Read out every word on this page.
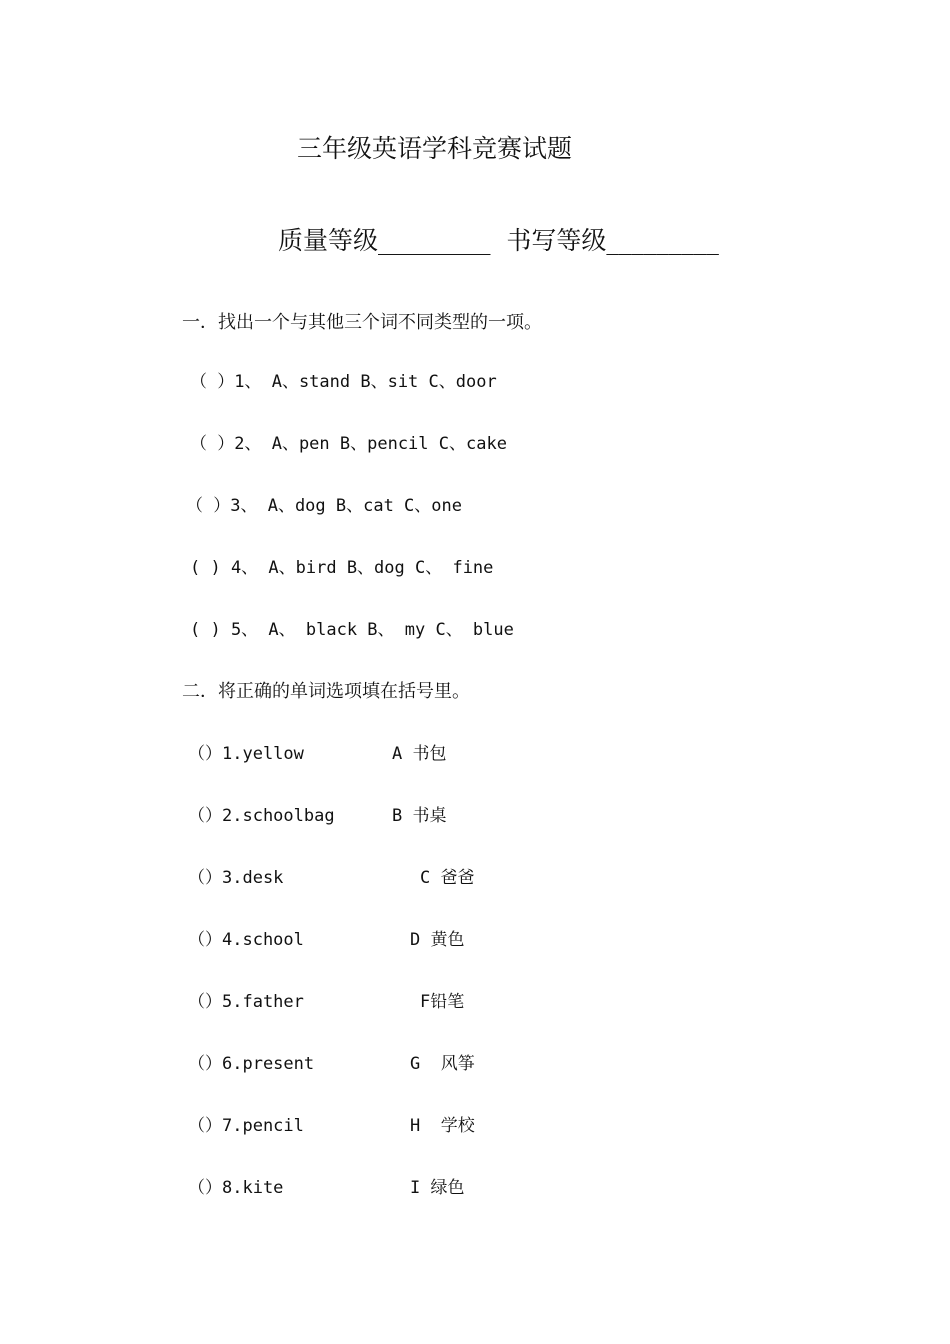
三年级英语学科竞赛试题
质量等级_________  书写等级_________
一．找出一个与其他三个词不同类型的一项。
（ ）1、 A、stand B、sit C、door
（ ）2、 A、pen B、pencil C、cake
（ ）3、 A、dog B、cat C、one
( ) 4、 A、bird B、dog C、 fine
( ) 5、 A、 black B、 my C、 blue
二．将正确的单词选项填在括号里。
（）1.yellow	A 书包
（）2.schoolbag	B 书桌
（）3.desk	C 爸爸
（）4.school	D 黄色
（）5.father	F铅笔
（）6.present	G  风筝
（）7.pencil	H  学校
（）8.kite	I 绿色
